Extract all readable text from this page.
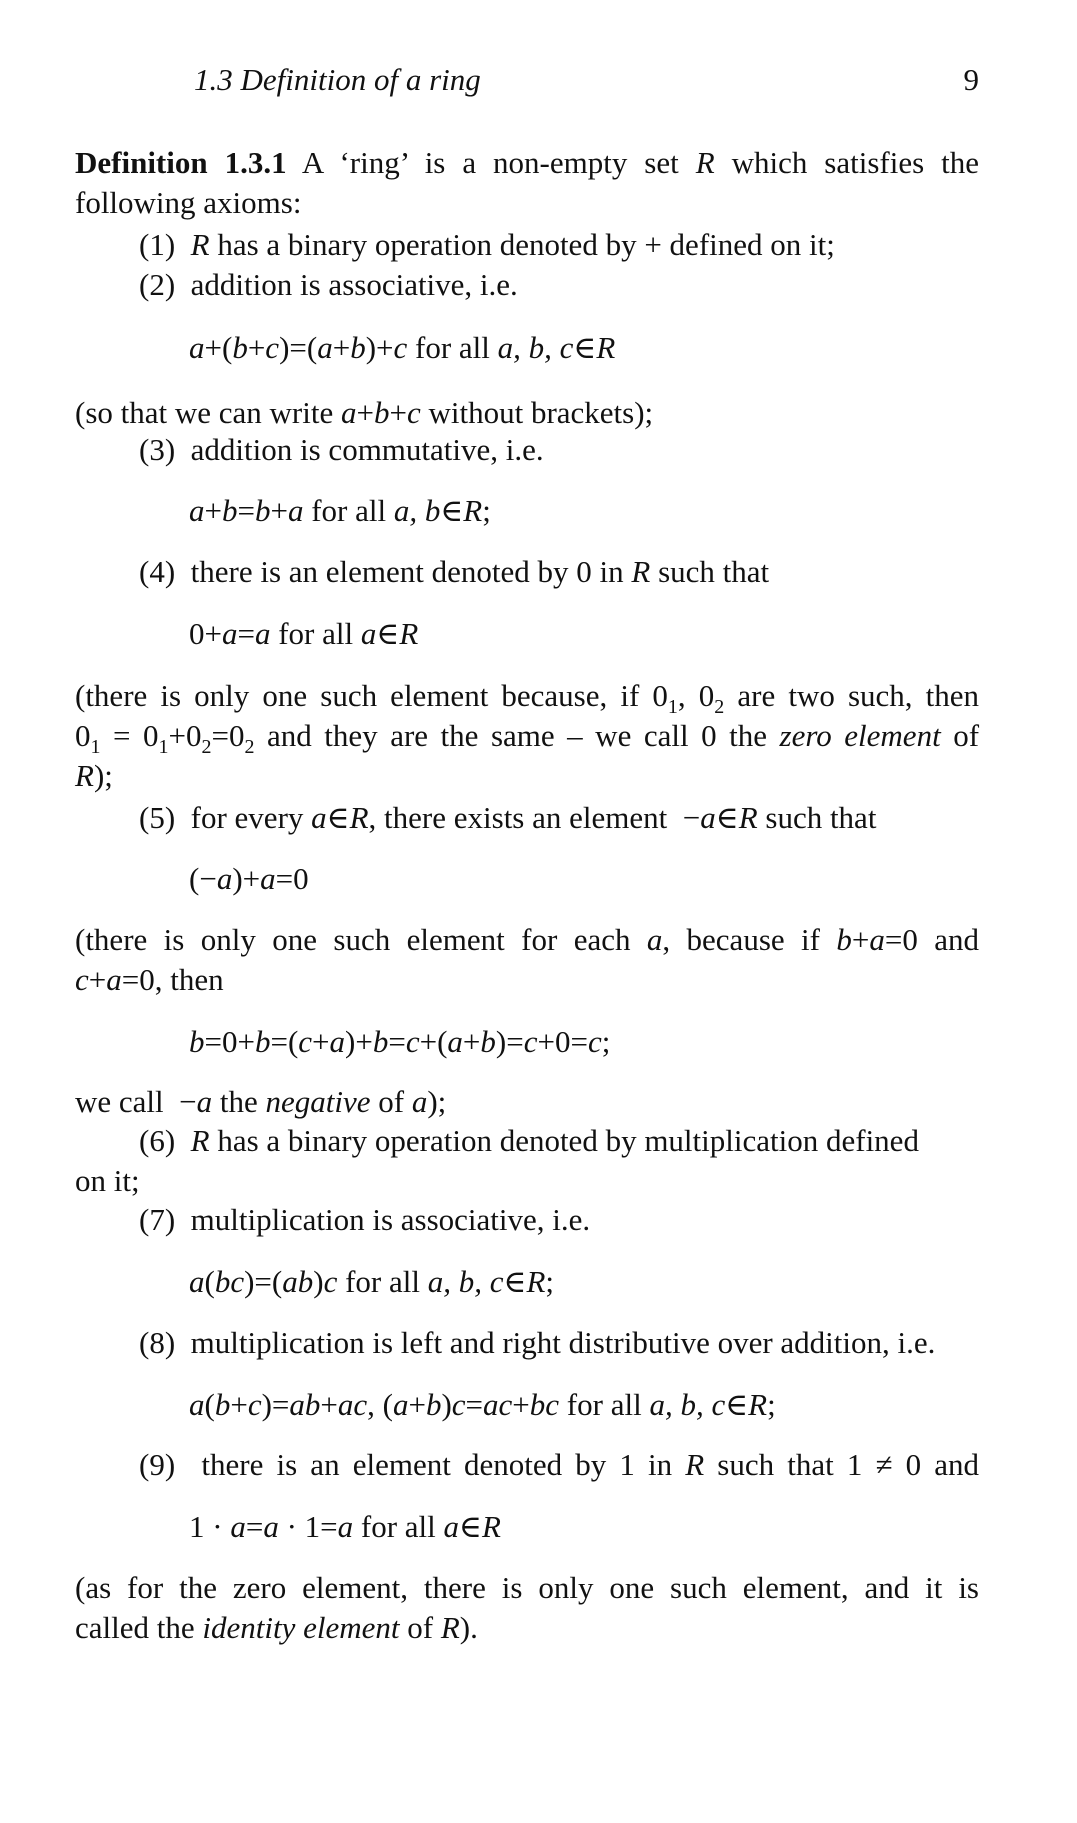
1.3 Definition of a ring	9
Definition 1.3.1 A ‘ring’ is a non-empty set R which satisfies the
following axioms:
(1) R has a binary operation denoted by + defined on it;
(2) addition is associative, i.e.
a+(b+c)=(a+b)+c for all a, b, c∈R
(so that we can write a+b+c without brackets);
(3) addition is commutative, i.e.
a+b=b+a for all a, b∈R;
(4) there is an element denoted by 0 in R such that
0+a=a for all a∈R
(there is only one such element because, if $0_1$, $0_2$ are two such, then
$0_1 = 0_1+0_2=0_2$ and they are the same – we call 0 the zero element of
R);
(5) for every a∈R, there exists an element  −a∈R such that
(−a)+a=0
(there is only one such element for each a, because if b+a=0 and
c+a=0, then
b=0+b=(c+a)+b=c+(a+b)=c+0=c;
we call  −a the negative of a);
(6) R has a binary operation denoted by multiplication defined
on it;
(7) multiplication is associative, i.e.
a(bc)=(ab)c for all a, b, c∈R;
(8) multiplication is left and right distributive over addition, i.e.
a(b+c)=ab+ac, (a+b)c=ac+bc for all a, b, c∈R;
(9) there is an element denoted by 1 in R such that 1 ≠ 0 and
1 · a=a · 1=a for all a∈R
(as for the zero element, there is only one such element, and it is
called the identity element of R).
